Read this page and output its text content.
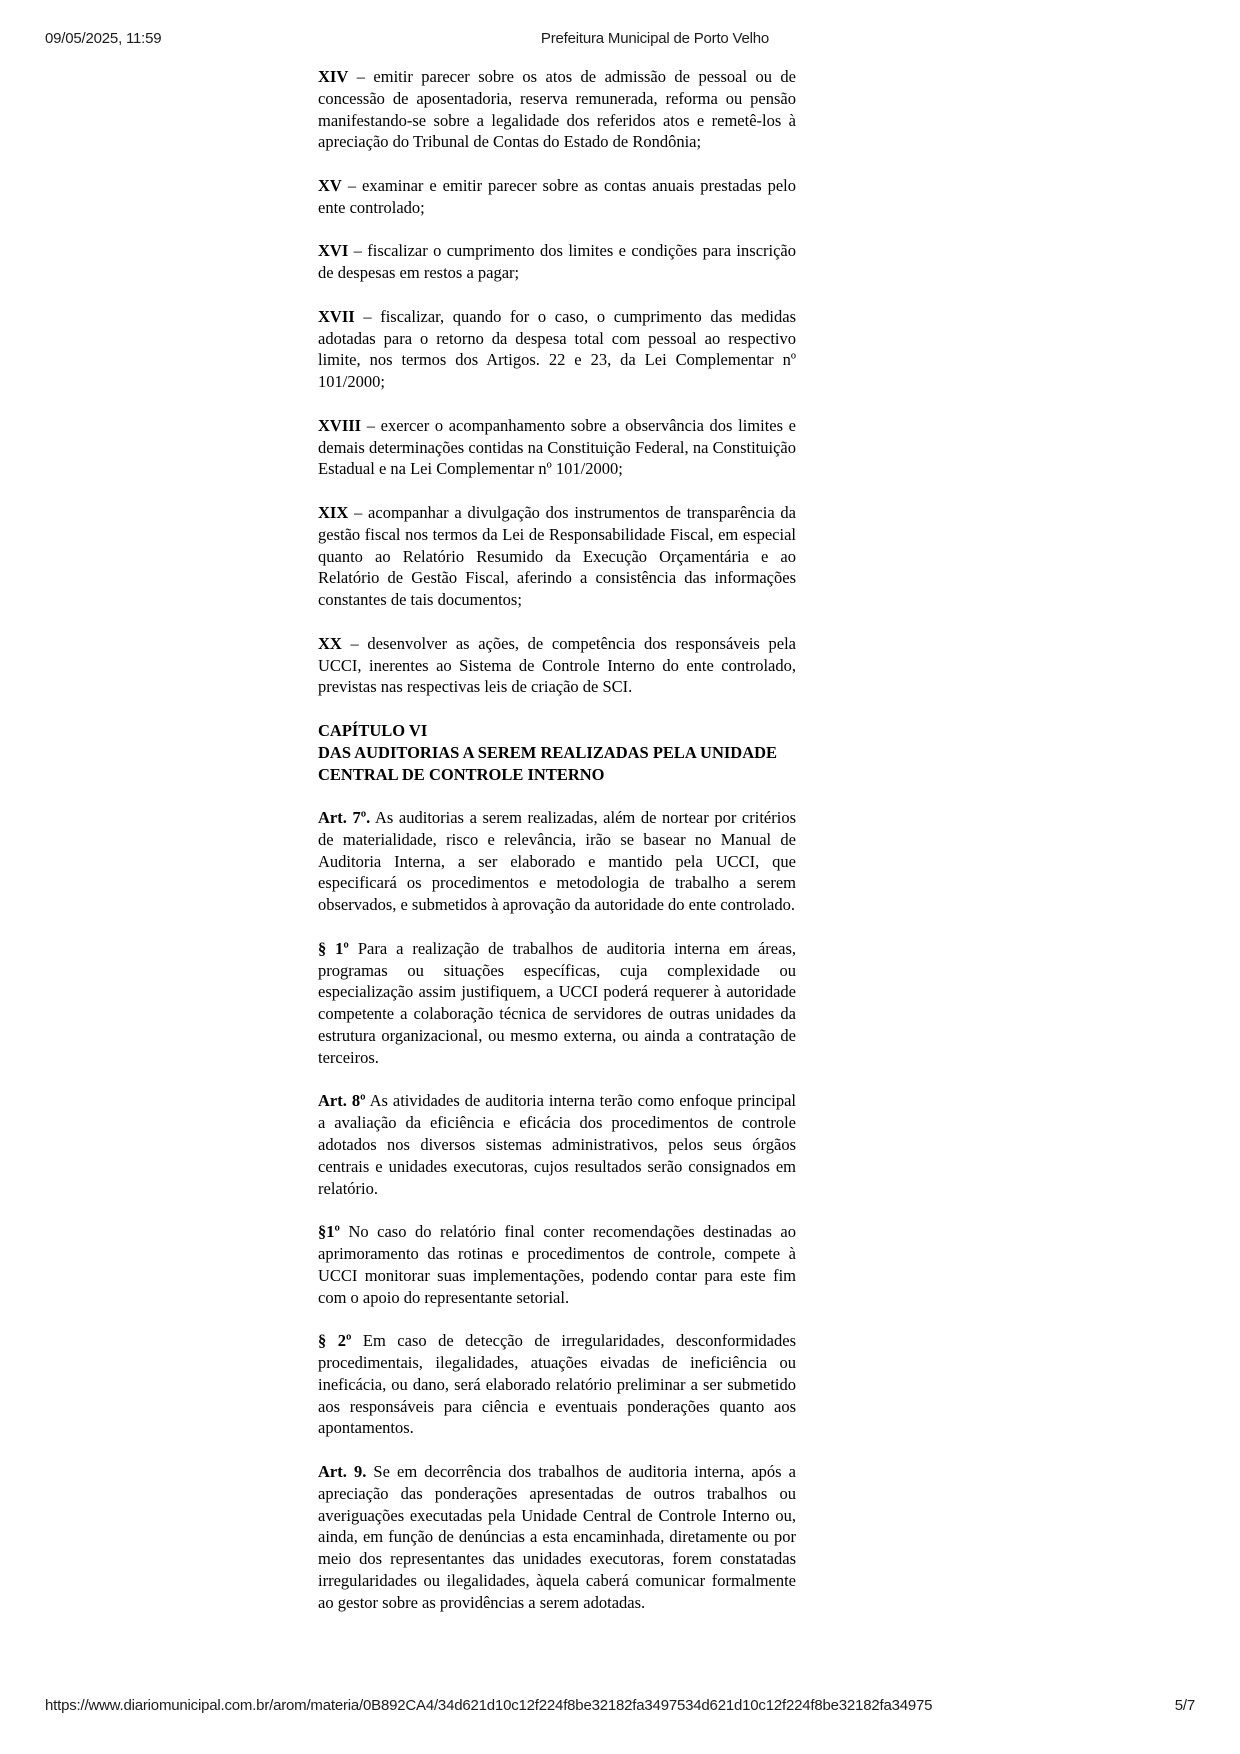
09/05/2025, 11:59	Prefeitura Municipal de Porto Velho

XIV – emitir parecer sobre os atos de admissão de pessoal ou de concessão de aposentadoria, reserva remunerada, reforma ou pensão manifestando-se sobre a legalidade dos referidos atos e remetê-los à apreciação do Tribunal de Contas do Estado de Rondônia;

XV – examinar e emitir parecer sobre as contas anuais prestadas pelo ente controlado;

XVI – fiscalizar o cumprimento dos limites e condições para inscrição de despesas em restos a pagar;

XVII – fiscalizar, quando for o caso, o cumprimento das medidas adotadas para o retorno da despesa total com pessoal ao respectivo limite, nos termos dos Artigos. 22 e 23, da Lei Complementar nº 101/2000;

XVIII – exercer o acompanhamento sobre a observância dos limites e demais determinações contidas na Constituição Federal, na Constituição Estadual e na Lei Complementar nº 101/2000;

XIX – acompanhar a divulgação dos instrumentos de transparência da gestão fiscal nos termos da Lei de Responsabilidade Fiscal, em especial quanto ao Relatório Resumido da Execução Orçamentária e ao Relatório de Gestão Fiscal, aferindo a consistência das informações constantes de tais documentos;

XX – desenvolver as ações, de competência dos responsáveis pela UCCI, inerentes ao Sistema de Controle Interno do ente controlado, previstas nas respectivas leis de criação de SCI.

CAPÍTULO VI
DAS AUDITORIAS A SEREM REALIZADAS PELA UNIDADE
CENTRAL DE CONTROLE INTERNO

Art. 7º. As auditorias a serem realizadas, além de nortear por critérios de materialidade, risco e relevância, irão se basear no Manual de Auditoria Interna, a ser elaborado e mantido pela UCCI, que especificará os procedimentos e metodologia de trabalho a serem observados, e submetidos à aprovação da autoridade do ente controlado.

§ 1º Para a realização de trabalhos de auditoria interna em áreas, programas ou situações específicas, cuja complexidade ou especialização assim justifiquem, a UCCI poderá requerer à autoridade competente a colaboração técnica de servidores de outras unidades da estrutura organizacional, ou mesmo externa, ou ainda a contratação de terceiros.

Art. 8º As atividades de auditoria interna terão como enfoque principal a avaliação da eficiência e eficácia dos procedimentos de controle adotados nos diversos sistemas administrativos, pelos seus órgãos centrais e unidades executoras, cujos resultados serão consignados em relatório.

§1º No caso do relatório final conter recomendações destinadas ao aprimoramento das rotinas e procedimentos de controle, compete à UCCI monitorar suas implementações, podendo contar para este fim com o apoio do representante setorial.

§ 2º Em caso de detecção de irregularidades, desconformidades procedimentais, ilegalidades, atuações eivadas de ineficiência ou ineficácia, ou dano, será elaborado relatório preliminar a ser submetido aos responsáveis para ciência e eventuais ponderações quanto aos apontamentos.

Art. 9. Se em decorrência dos trabalhos de auditoria interna, após a apreciação das ponderações apresentadas de outros trabalhos ou averiguações executadas pela Unidade Central de Controle Interno ou, ainda, em função de denúncias a esta encaminhada, diretamente ou por meio dos representantes das unidades executoras, forem constatadas irregularidades ou ilegalidades, àquela caberá comunicar formalmente ao gestor sobre as providências a serem adotadas.

https://www.diariomunicipal.com.br/arom/materia/0B892CA4/34d621d10c12f224f8be32182fa3497534d621d10c12f224f8be32182fa34975	5/7
